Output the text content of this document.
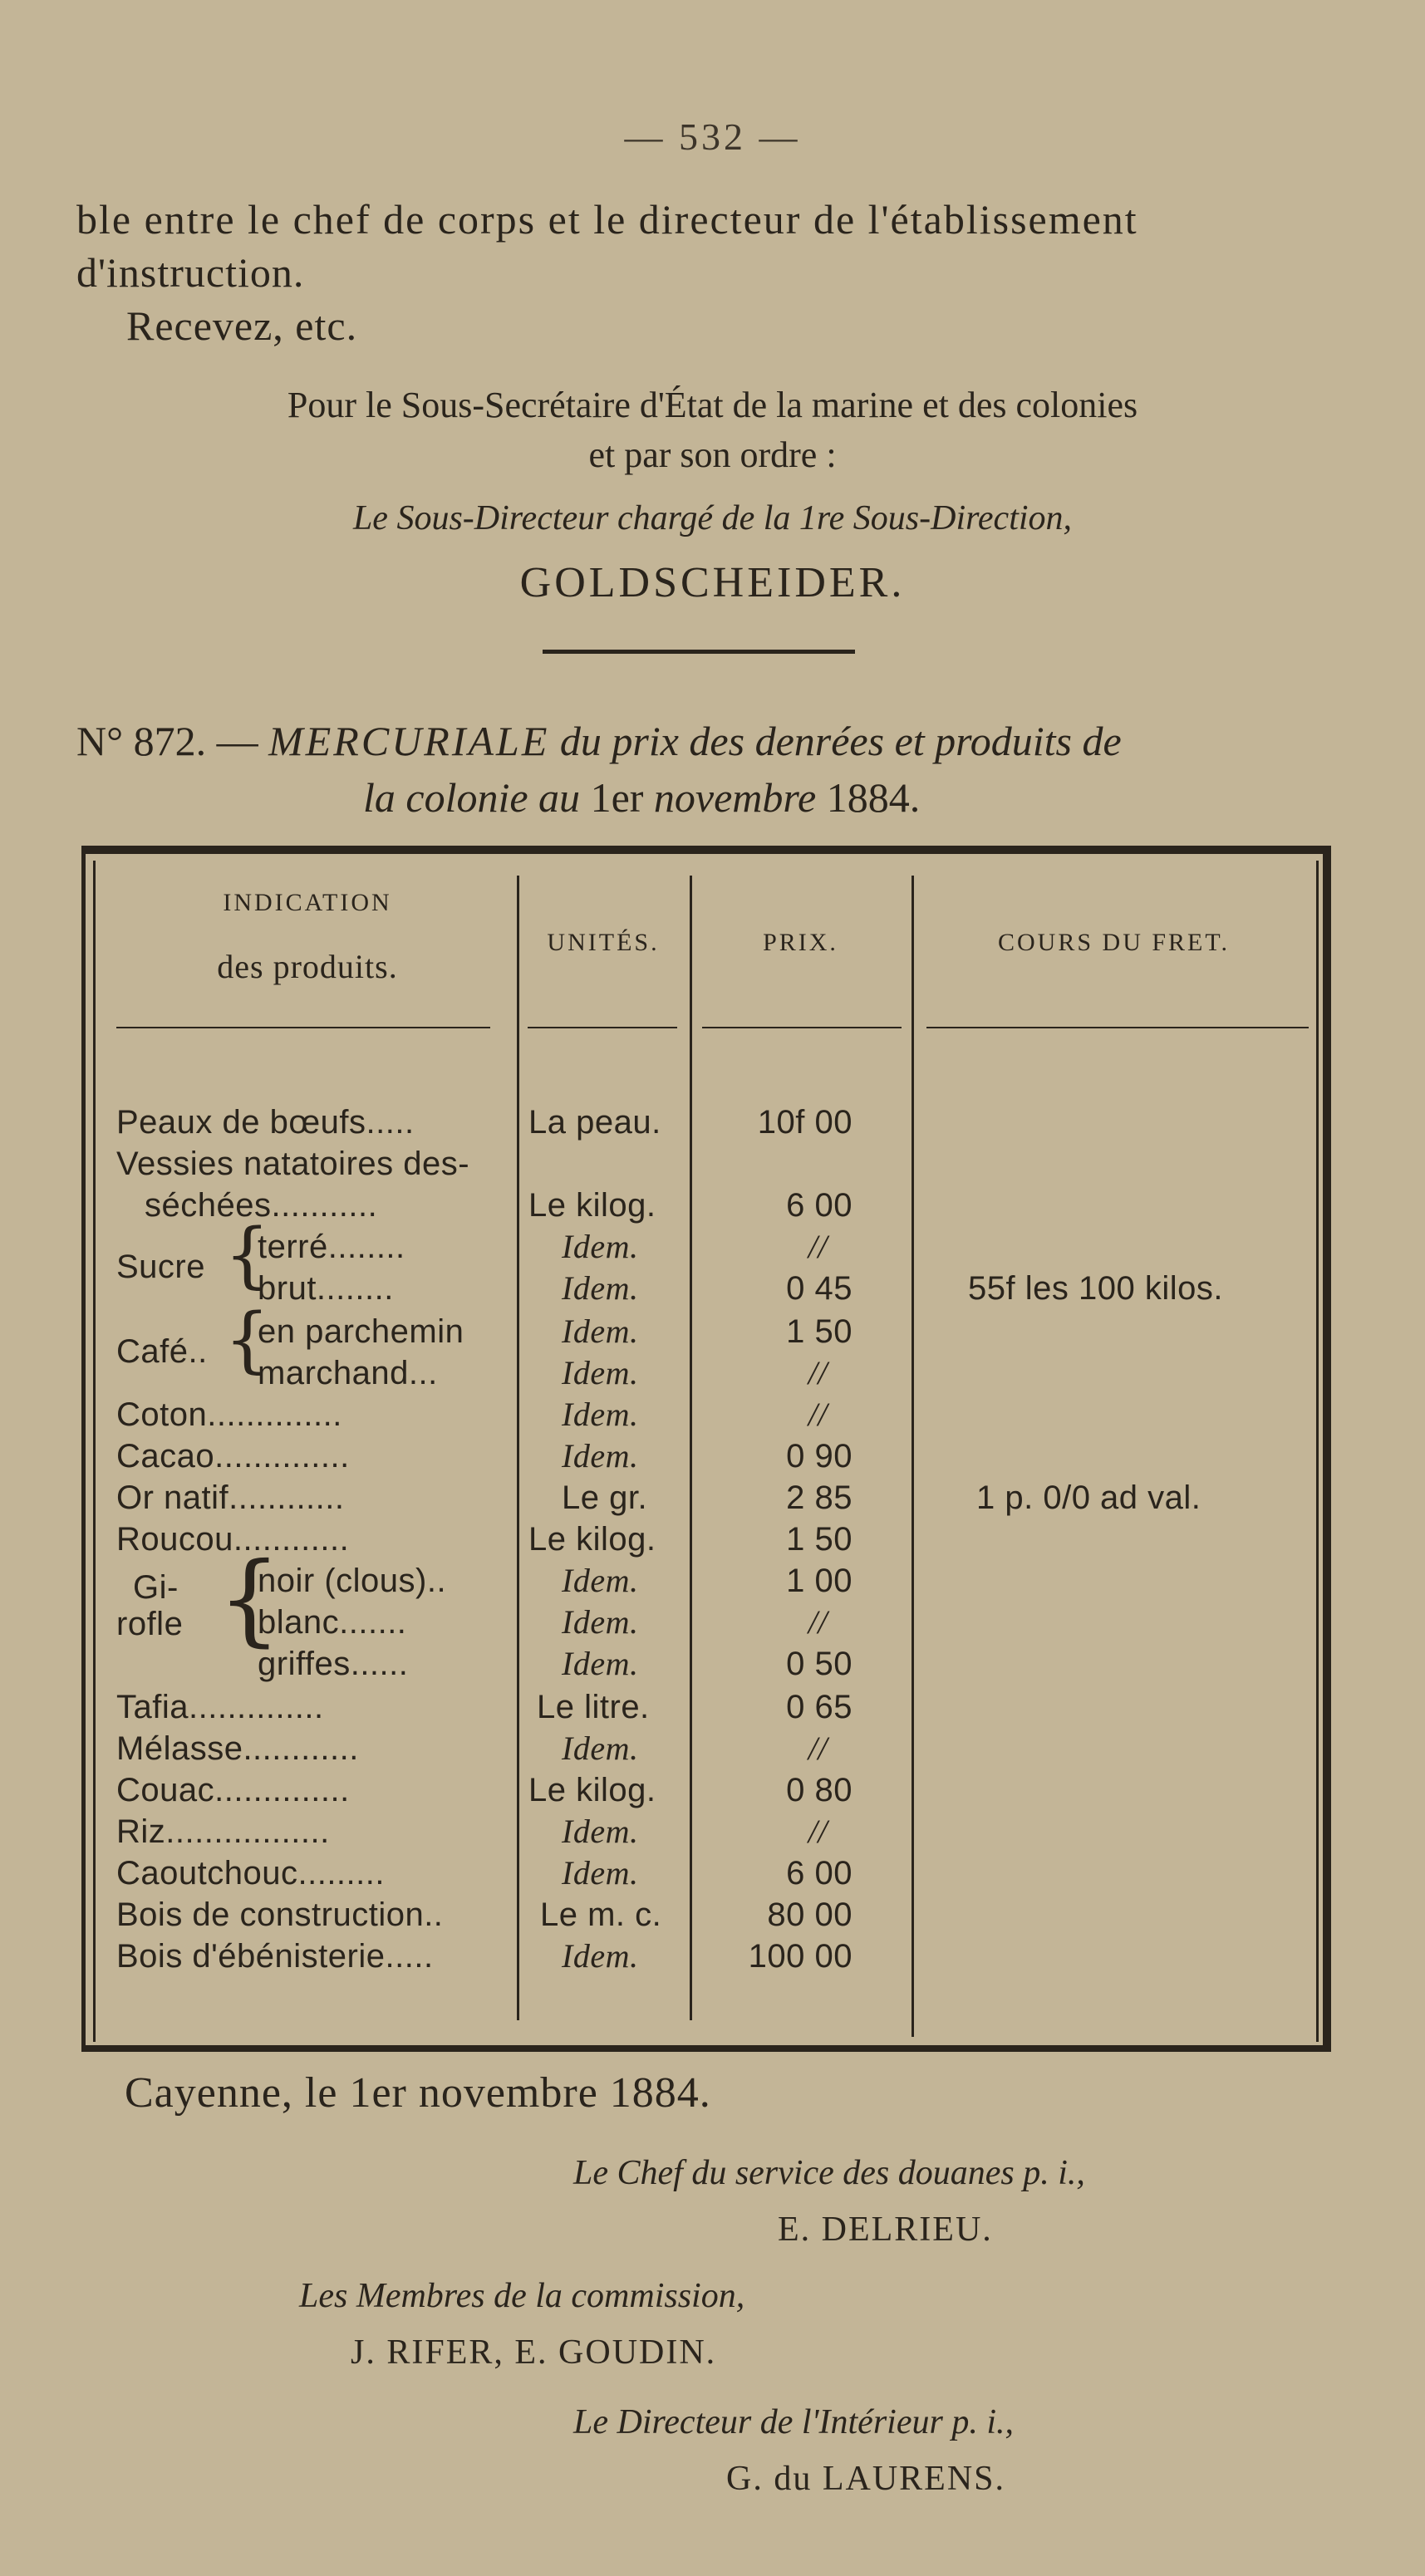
— 532 —
ble entre le chef de corps et le directeur de l'établissement
d'instruction.
Recevez, etc.
Pour le Sous-Secrétaire d'État de la marine et des colonies
et par son ordre :
Le Sous-Directeur chargé de la 1re Sous-Direction,
GOLDSCHEIDER.
N° 872. — MERCURIALE du prix des denrées et produits de
la colonie au 1er novembre 1884.
INDICATION
des produits.
UNITÉS.	PRIX.	COURS DU FRET.
Peaux de bœufs.....
Vessies natatoires des-
séchées...........
Sucre {
terré........
brut........
Café.. {
en parchemin
marchand...
Coton..............
Cacao..............
Or natif............
Roucou............
Gi-
rofle {
noir (clous)..
blanc.......
griffes......
Tafia..............
Mélasse............
Couac..............
Riz.................
Caoutchouc.........
Bois de construction..
Bois d'ébénisterie.....
La peau.
Le kilog.
Idem.
Idem.
Idem.
Idem.
Idem.
Idem.
Le gr.
Le kilog.
Idem.
Idem.
Idem.
Le litre.
Idem.
Le kilog.
Idem.
Idem.
Le m. c.
Idem.
10f 00
6 00
//
0 45
1 50
//
//
0 90
2 85
1 50
1 00
//
0 50
0 65
//
0 80
//
6 00
80 00
100 00
55f les 100 kilos.
1 p. 0/0 ad val.
Cayenne, le 1er novembre 1884.
Le Chef du service des douanes p. i.,
E. DELRIEU.
Les Membres de la commission,
J. RIFER, E. GOUDIN.
Le Directeur de l'Intérieur p. i.,
G. du LAURENS.
